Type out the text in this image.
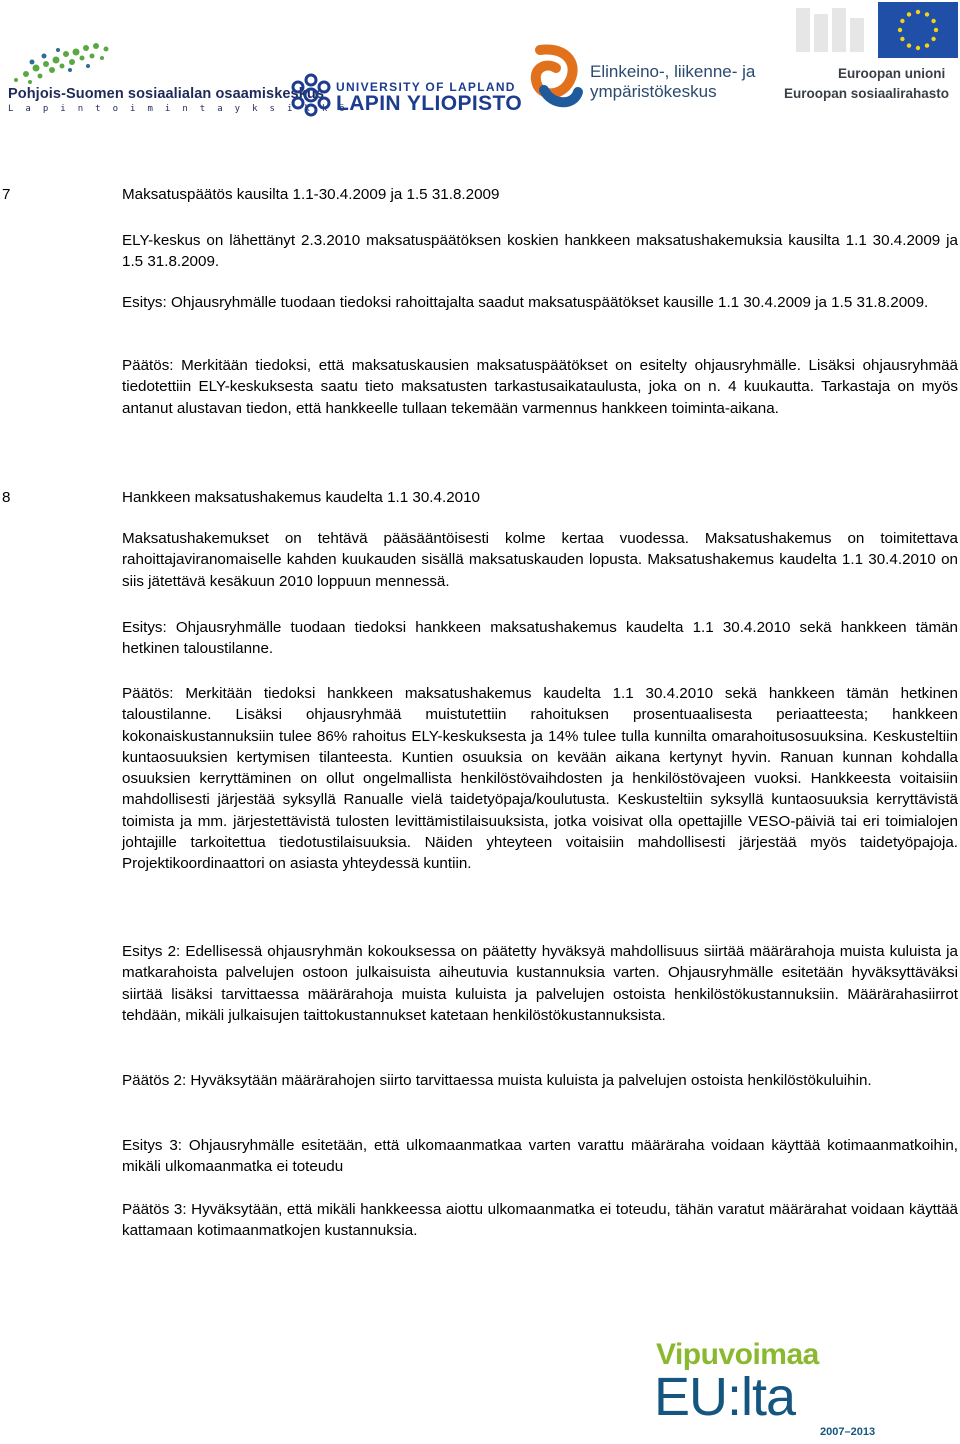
Pohjois-Suomen sosiaalialan osaamiskeskus
L a p i n t o i m i n t a y k s i k k ö
UNIVERSITY OF LAPLAND
LAPIN YLIOPISTO
Elinkeino-, liikenne- ja
ympäristökeskus
Euroopan unioni
Euroopan sosiaalirahasto
7	Maksatuspäätös kausilta 1.1-30.4.2009 ja 1.5 31.8.2009

ELY-keskus on lähettänyt 2.3.2010 maksatuspäätöksen koskien hankkeen maksatushakemuksia kausilta 1.1 30.4.2009 ja 1.5 31.8.2009.

Esitys: Ohjausryhmälle tuodaan tiedoksi rahoittajalta saadut maksatuspäätökset kausille 1.1 30.4.2009 ja 1.5 31.8.2009.

Päätös: Merkitään tiedoksi, että maksatuskausien maksatuspäätökset on esitelty ohjausryhmälle. Lisäksi ohjausryhmää tiedotettiin ELY-keskuksesta saatu tieto maksatusten tarkastusaikataulusta, joka on n. 4 kuukautta. Tarkastaja on myös antanut alustavan tiedon, että hankkeelle tullaan tekemään varmennus hankkeen toiminta-aikana.

8	Hankkeen maksatushakemus kaudelta 1.1 30.4.2010

Maksatushakemukset on tehtävä pääsääntöisesti kolme kertaa vuodessa. Maksatushakemus on toimitettava rahoittajaviranomaiselle kahden kuukauden sisällä maksatuskauden lopusta. Maksatushakemus kaudelta 1.1 30.4.2010 on siis jätettävä kesäkuun 2010 loppuun mennessä.

Esitys: Ohjausryhmälle tuodaan tiedoksi hankkeen maksatushakemus kaudelta 1.1 30.4.2010 sekä hankkeen tämän hetkinen taloustilanne.

Päätös: Merkitään tiedoksi hankkeen maksatushakemus kaudelta 1.1 30.4.2010 sekä hankkeen tämän hetkinen taloustilanne. Lisäksi ohjausryhmää muistutettiin rahoituksen prosentuaalisesta periaatteesta; hankkeen kokonaiskustannuksiin tulee 86% rahoitus ELY-keskuksesta ja 14% tulee tulla kunnilta omarahoitusosuuksina. Keskusteltiin kuntaosuuksien kertymisen tilanteesta. Kuntien osuuksia on kevään aikana kertynyt hyvin. Ranuan kunnan kohdalla osuuksien kerryttäminen on ollut ongelmallista henkilöstövaihdosten ja henkilöstövajeen vuoksi. Hankkeesta voitaisiin mahdollisesti järjestää syksyllä Ranualle vielä taidetyöpaja/koulutusta. Keskusteltiin syksyllä kuntaosuuksia kerryttävistä toimista ja mm. järjestettävistä tulosten levittämistilaisuuksista, jotka voisivat olla opettajille VESO-päiviä tai eri toimialojen johtajille tarkoitettua tiedotustilaisuuksia. Näiden yhteyteen voitaisiin mahdollisesti järjestää myös taidetyöpajoja. Projektikoordinaattori on asiasta yhteydessä kuntiin.

Esitys 2: Edellisessä ohjausryhmän kokouksessa on päätetty hyväksyä mahdollisuus siirtää määrärahoja muista kuluista ja matkarahoista palvelujen ostoon julkaisuista aiheutuvia kustannuksia varten. Ohjausryhmälle esitetään hyväksyttäväksi siirtää lisäksi tarvittaessa määrärahoja muista kuluista ja palvelujen ostoista henkilöstökustannuksiin. Määrärahasiirrot tehdään, mikäli julkaisujen taittokustannukset katetaan henkilöstökustannuksista.

Päätös 2: Hyväksytään määrärahojen siirto tarvittaessa muista kuluista ja palvelujen ostoista henkilöstökuluihin.

Esitys 3: Ohjausryhmälle esitetään, että ulkomaanmatkaa varten varattu määräraha voidaan käyttää kotimaanmatkoihin, mikäli ulkomaanmatka ei toteudu

Päätös 3: Hyväksytään, että mikäli hankkeessa aiottu ulkomaanmatka ei toteudu, tähän varatut määrärahat voidaan käyttää kattamaan kotimaanmatkojen kustannuksia.

Vipuvoimaa
EU:lta
2007–2013
